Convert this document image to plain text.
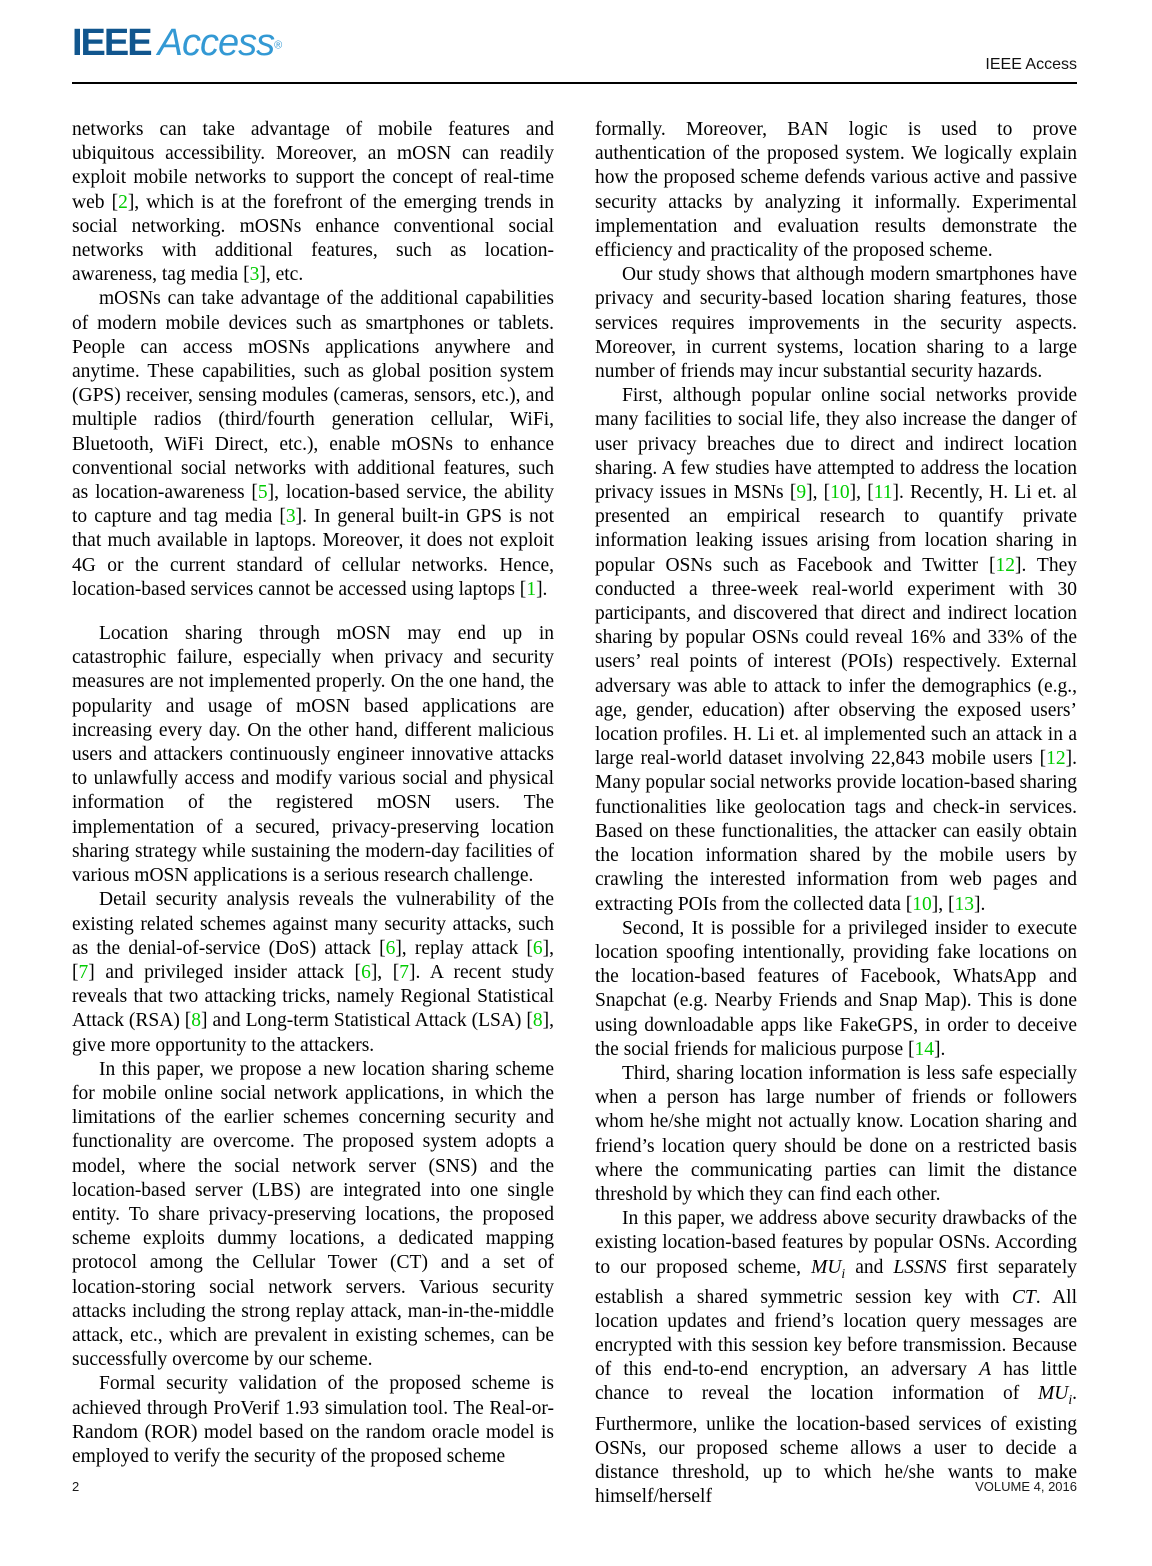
IEEE Access®
IEEE Access

networks can take advantage of mobile features and ubiquitous accessibility. Moreover, an mOSN can readily exploit mobile networks to support the concept of real-time web [2], which is at the forefront of the emerging trends in social networking. mOSNs enhance conventional social networks with additional features, such as location-awareness, tag media [3], etc.

mOSNs can take advantage of the additional capabilities of modern mobile devices such as smartphones or tablets. People can access mOSNs applications anywhere and anytime. These capabilities, such as global position system (GPS) receiver, sensing modules (cameras, sensors, etc.), and multiple radios (third/fourth generation cellular, WiFi, Bluetooth, WiFi Direct, etc.), enable mOSNs to enhance conventional social networks with additional features, such as location-awareness [5], location-based service, the ability to capture and tag media [3]. In general built-in GPS is not that much available in laptops. Moreover, it does not exploit 4G or the current standard of cellular networks. Hence, location-based services cannot be accessed using laptops [1].

Location sharing through mOSN may end up in catastrophic failure, especially when privacy and security measures are not implemented properly. On the one hand, the popularity and usage of mOSN based applications are increasing every day. On the other hand, different malicious users and attackers continuously engineer innovative attacks to unlawfully access and modify various social and physical information of the registered mOSN users. The implementation of a secured, privacy-preserving location sharing strategy while sustaining the modern-day facilities of various mOSN applications is a serious research challenge.

Detail security analysis reveals the vulnerability of the existing related schemes against many security attacks, such as the denial-of-service (DoS) attack [6], replay attack [6], [7] and privileged insider attack [6], [7]. A recent study reveals that two attacking tricks, namely Regional Statistical Attack (RSA) [8] and Long-term Statistical Attack (LSA) [8], give more opportunity to the attackers.

In this paper, we propose a new location sharing scheme for mobile online social network applications, in which the limitations of the earlier schemes concerning security and functionality are overcome. The proposed system adopts a model, where the social network server (SNS) and the location-based server (LBS) are integrated into one single entity. To share privacy-preserving locations, the proposed scheme exploits dummy locations, a dedicated mapping protocol among the Cellular Tower (CT) and a set of location-storing social network servers. Various security attacks including the strong replay attack, man-in-the-middle attack, etc., which are prevalent in existing schemes, can be successfully overcome by our scheme.

Formal security validation of the proposed scheme is achieved through ProVerif 1.93 simulation tool. The Real-or-Random (ROR) model based on the random oracle model is employed to verify the security of the proposed scheme

formally. Moreover, BAN logic is used to prove authentication of the proposed system. We logically explain how the proposed scheme defends various active and passive security attacks by analyzing it informally. Experimental implementation and evaluation results demonstrate the efficiency and practicality of the proposed scheme.

Our study shows that although modern smartphones have privacy and security-based location sharing features, those services requires improvements in the security aspects. Moreover, in current systems, location sharing to a large number of friends may incur substantial security hazards.

First, although popular online social networks provide many facilities to social life, they also increase the danger of user privacy breaches due to direct and indirect location sharing. A few studies have attempted to address the location privacy issues in MSNs [9], [10], [11]. Recently, H. Li et. al presented an empirical research to quantify private information leaking issues arising from location sharing in popular OSNs such as Facebook and Twitter [12]. They conducted a three-week real-world experiment with 30 participants, and discovered that direct and indirect location sharing by popular OSNs could reveal 16% and 33% of the users’ real points of interest (POIs) respectively. External adversary was able to attack to infer the demographics (e.g., age, gender, education) after observing the exposed users’ location profiles. H. Li et. al implemented such an attack in a large real-world dataset involving 22,843 mobile users [12]. Many popular social networks provide location-based sharing functionalities like geolocation tags and check-in services. Based on these functionalities, the attacker can easily obtain the location information shared by the mobile users by crawling the interested information from web pages and extracting POIs from the collected data [10], [13].

Second, It is possible for a privileged insider to execute location spoofing intentionally, providing fake locations on the location-based features of Facebook, WhatsApp and Snapchat (e.g. Nearby Friends and Snap Map). This is done using downloadable apps like FakeGPS, in order to deceive the social friends for malicious purpose [14].

Third, sharing location information is less safe especially when a person has large number of friends or followers whom he/she might not actually know. Location sharing and friend’s location query should be done on a restricted basis where the communicating parties can limit the distance threshold by which they can find each other.

In this paper, we address above security drawbacks of the existing location-based features by popular OSNs. According to our proposed scheme, $MU_i$ and LSSNS first separately establish a shared symmetric session key with CT. All location updates and friend’s location query messages are encrypted with this session key before transmission. Because of this end-to-end encryption, an adversary A has little chance to reveal the location information of $MU_i$. Furthermore, unlike the location-based services of existing OSNs, our proposed scheme allows a user to decide a distance threshold, up to which he/she wants to make himself/herself

2	VOLUME 4, 2016
